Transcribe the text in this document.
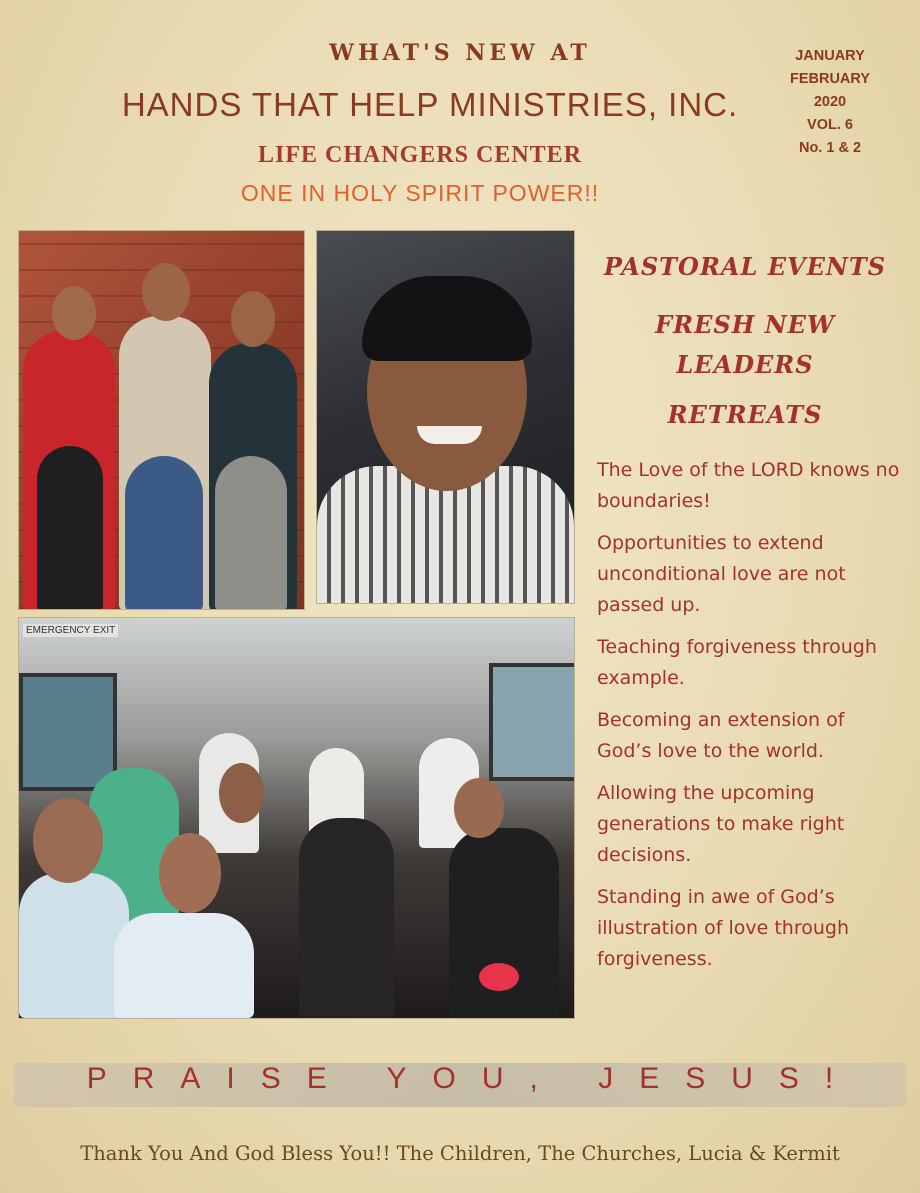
WHAT'S NEW AT
HANDS THAT HELP MINISTRIES, INC.
LIFE CHANGERS CENTER
ONE IN HOLY SPIRIT POWER!!
JANUARY
FEBRUARY
2020
VOL. 6
No. 1 & 2
EMERGENCY EXIT
PASTORAL EVENTS
FRESH NEW
LEADERS
RETREATS

The Love of the LORD knows no boundaries!

Opportunities to extend unconditional love are not passed up.

Teaching forgiveness through example.

Becoming an extension of God’s love to the world.

Allowing the upcoming generations to make right decisions.

Standing in awe of God’s illustration of love through forgiveness.

PRAISE YOU, JESUS!
Thank You And God Bless You!! The Children, The Churches, Lucia & Kermit
